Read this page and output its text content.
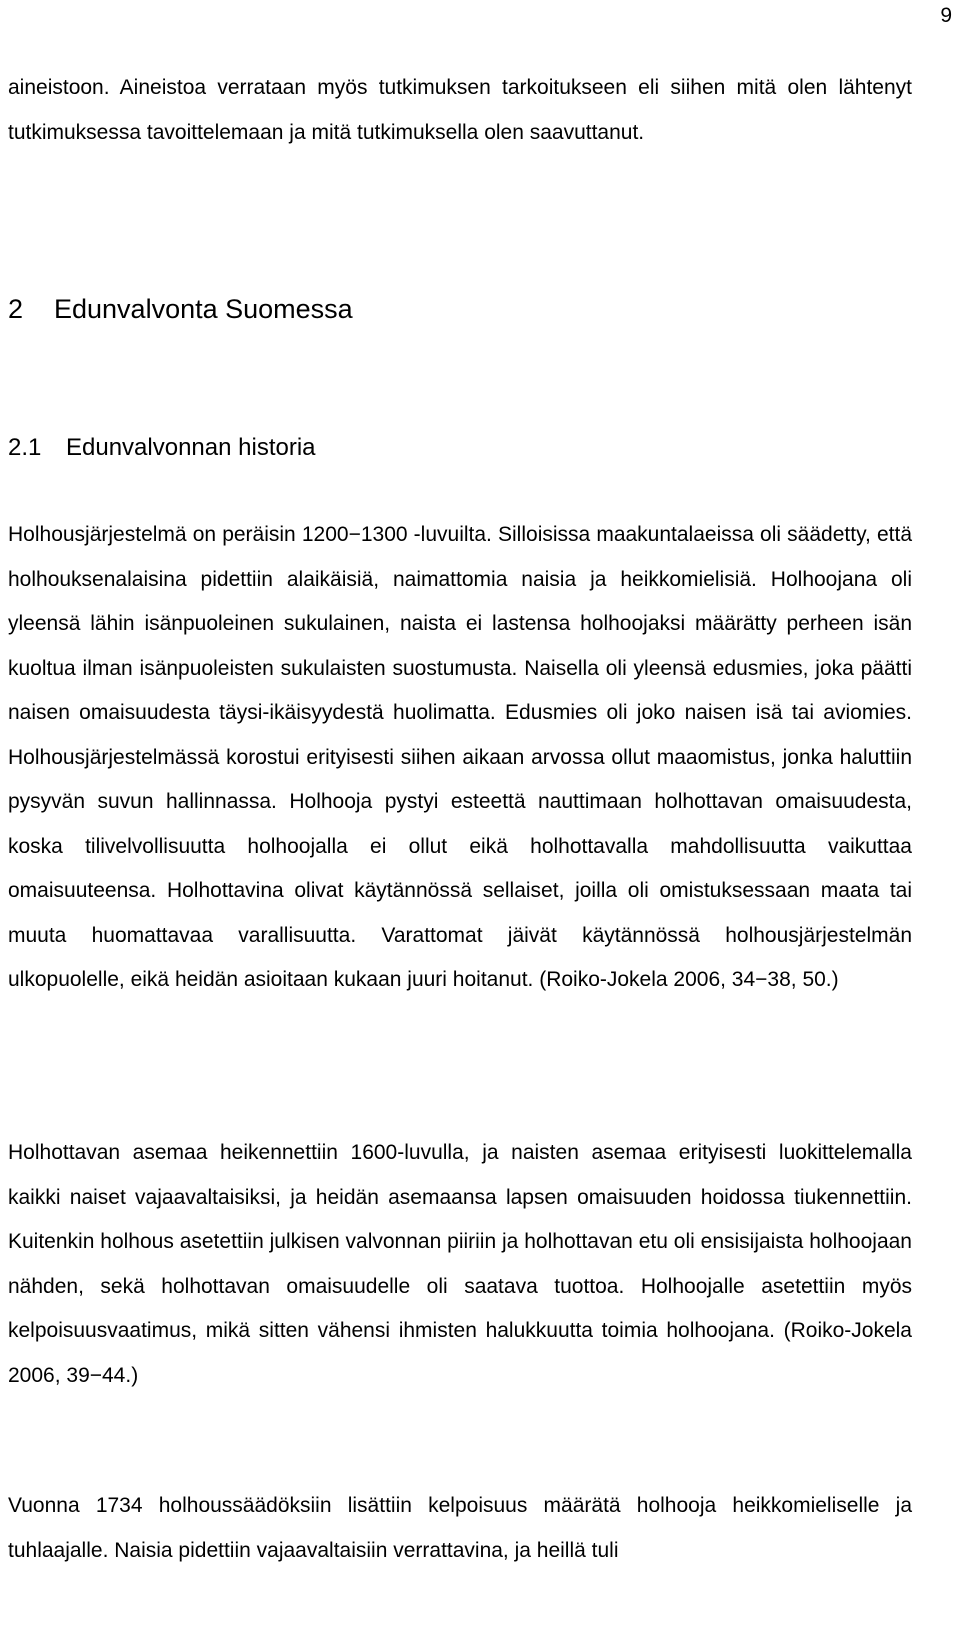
9

aineistoon. Aineistoa verrataan myös tutkimuksen tarkoitukseen eli siihen mitä olen lähtenyt tutkimuksessa tavoittelemaan ja mitä tutkimuksella olen saavuttanut.

2 Edunvalvonta Suomessa
2.1 Edunvalvonnan historia

Holhousjärjestelmä on peräisin 1200−1300 -luvuilta. Silloisissa maakuntalaeissa oli säädetty, että holhouksenalaisina pidettiin alaikäisiä, naimattomia naisia ja heikkomielisiä. Holhoojana oli yleensä lähin isänpuoleinen sukulainen, naista ei lastensa holhoojaksi määrätty perheen isän kuoltua ilman isänpuoleisten sukulaisten suostumusta. Naisella oli yleensä edusmies, joka päätti naisen omaisuudesta täysi-ikäisyydestä huolimatta. Edusmies oli joko naisen isä tai aviomies. Holhousjärjestelmässä korostui erityisesti siihen aikaan arvossa ollut maaomistus, jonka haluttiin pysyvän suvun hallinnassa. Holhooja pystyi esteettä nauttimaan holhottavan omaisuudesta, koska tilivelvollisuutta holhoojalla ei ollut eikä holhottavalla mahdollisuutta vaikuttaa omaisuuteensa. Holhottavina olivat käytännössä sellaiset, joilla oli omistuksessaan maata tai muuta huomattavaa varallisuutta. Varattomat jäivät käytännössä holhousjärjestelmän ulkopuolelle, eikä heidän asioitaan kukaan juuri hoitanut. (Roiko-Jokela 2006, 34−38, 50.)

Holhottavan asemaa heikennettiin 1600-luvulla, ja naisten asemaa erityisesti luokittelemalla kaikki naiset vajaavaltaisiksi, ja heidän asemaansa lapsen omaisuuden hoidossa tiukennettiin. Kuitenkin holhous asetettiin julkisen valvonnan piiriin ja holhottavan etu oli ensisijaista holhoojaan nähden, sekä holhottavan omaisuudelle oli saatava tuottoa. Holhoojalle asetettiin myös kelpoisuusvaatimus, mikä sitten vähensi ihmisten halukkuutta toimia holhoojana. (Roiko-Jokela 2006, 39−44.)

Vuonna 1734 holhoussäädöksiin lisättiin kelpoisuus määrätä holhooja heikkomieliselle ja tuhlaajalle. Naisia pidettiin vajaavaltaisiin verrattavina, ja heillä tuli
